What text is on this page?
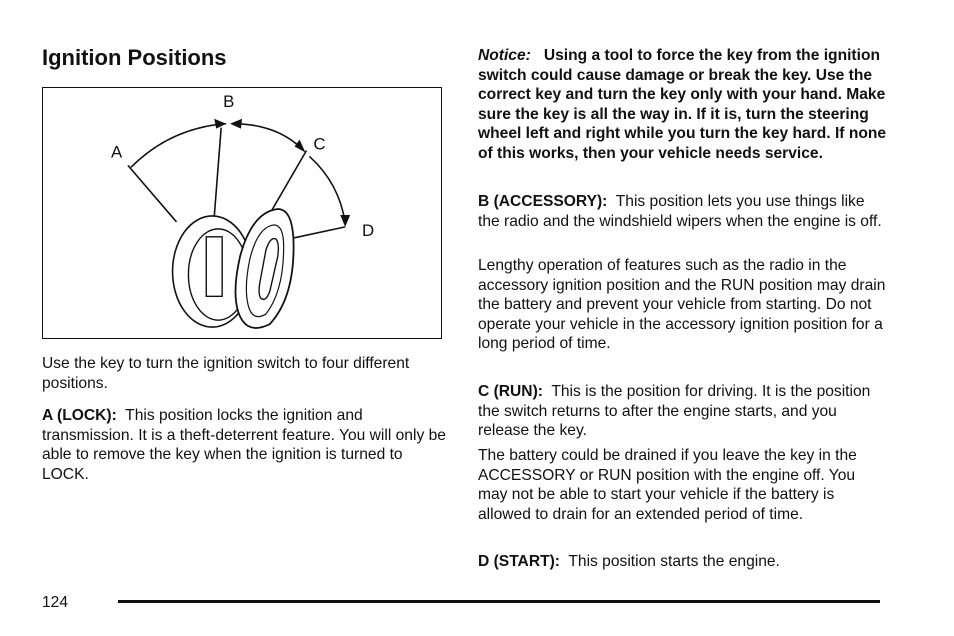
Ignition Positions
A
B
C
D

Use the key to turn the ignition switch to four different positions.

A (LOCK): This position locks the ignition and transmission. It is a theft-deterrent feature. You will only be able to remove the key when the ignition is turned to LOCK.

Notice: Using a tool to force the key from the ignition switch could cause damage or break the key. Use the correct key and turn the key only with your hand. Make sure the key is all the way in. If it is, turn the steering wheel left and right while you turn the key hard. If none of this works, then your vehicle needs service.

B (ACCESSORY): This position lets you use things like the radio and the windshield wipers when the engine is off.

Lengthy operation of features such as the radio in the accessory ignition position and the RUN position may drain the battery and prevent your vehicle from starting. Do not operate your vehicle in the accessory ignition position for a long period of time.

C (RUN): This is the position for driving. It is the position the switch returns to after the engine starts, and you release the key.

The battery could be drained if you leave the key in the ACCESSORY or RUN position with the engine off. You may not be able to start your vehicle if the battery is allowed to drain for an extended period of time.

D (START): This position starts the engine.

124
